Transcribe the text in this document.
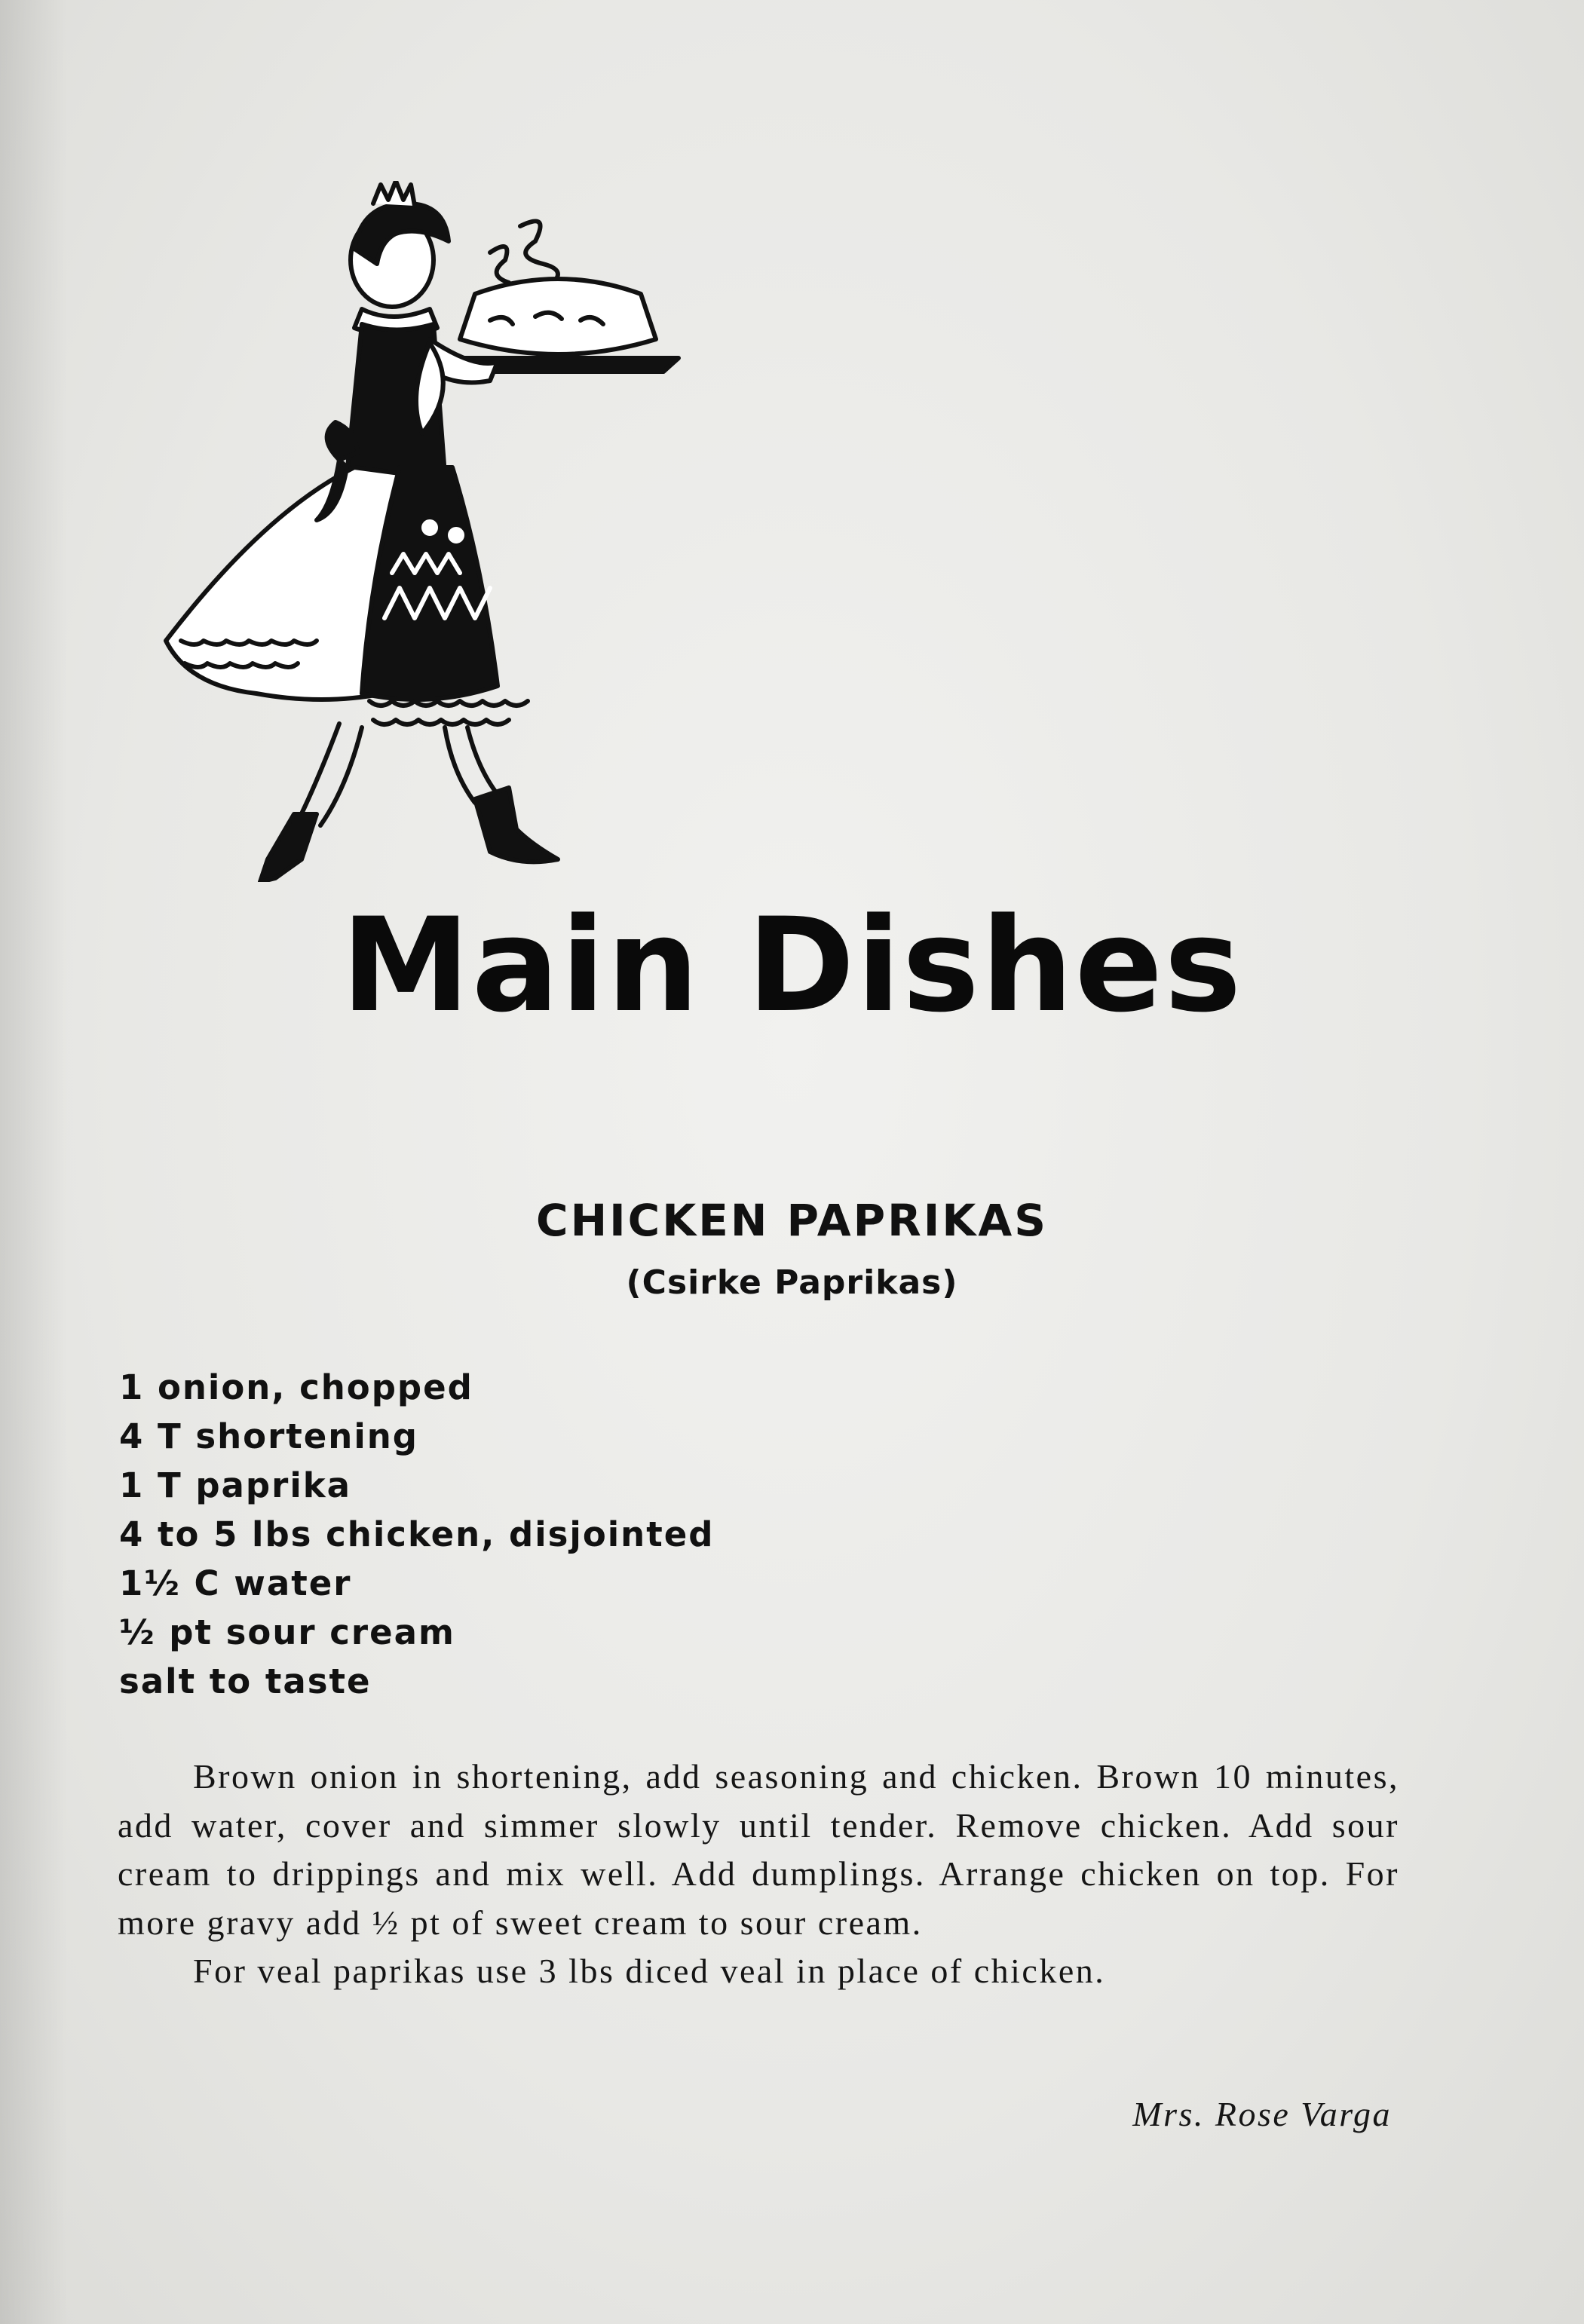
Main Dishes
CHICKEN PAPRIKAS
(Csirke Paprikas)
1 onion, chopped
4 T shortening
1 T paprika
4 to 5 lbs chicken, disjointed
1½ C water
½ pt sour cream
salt to taste

Brown onion in shortening, add seasoning and chicken. Brown 10 minutes, add water, cover and simmer slowly until tender. Remove chicken. Add sour cream to drippings and mix well. Add dumplings. Arrange chicken on top. For more gravy add ½ pt of sweet cream to sour cream.

For veal paprikas use 3 lbs diced veal in place of chicken.

Mrs. Rose Varga
